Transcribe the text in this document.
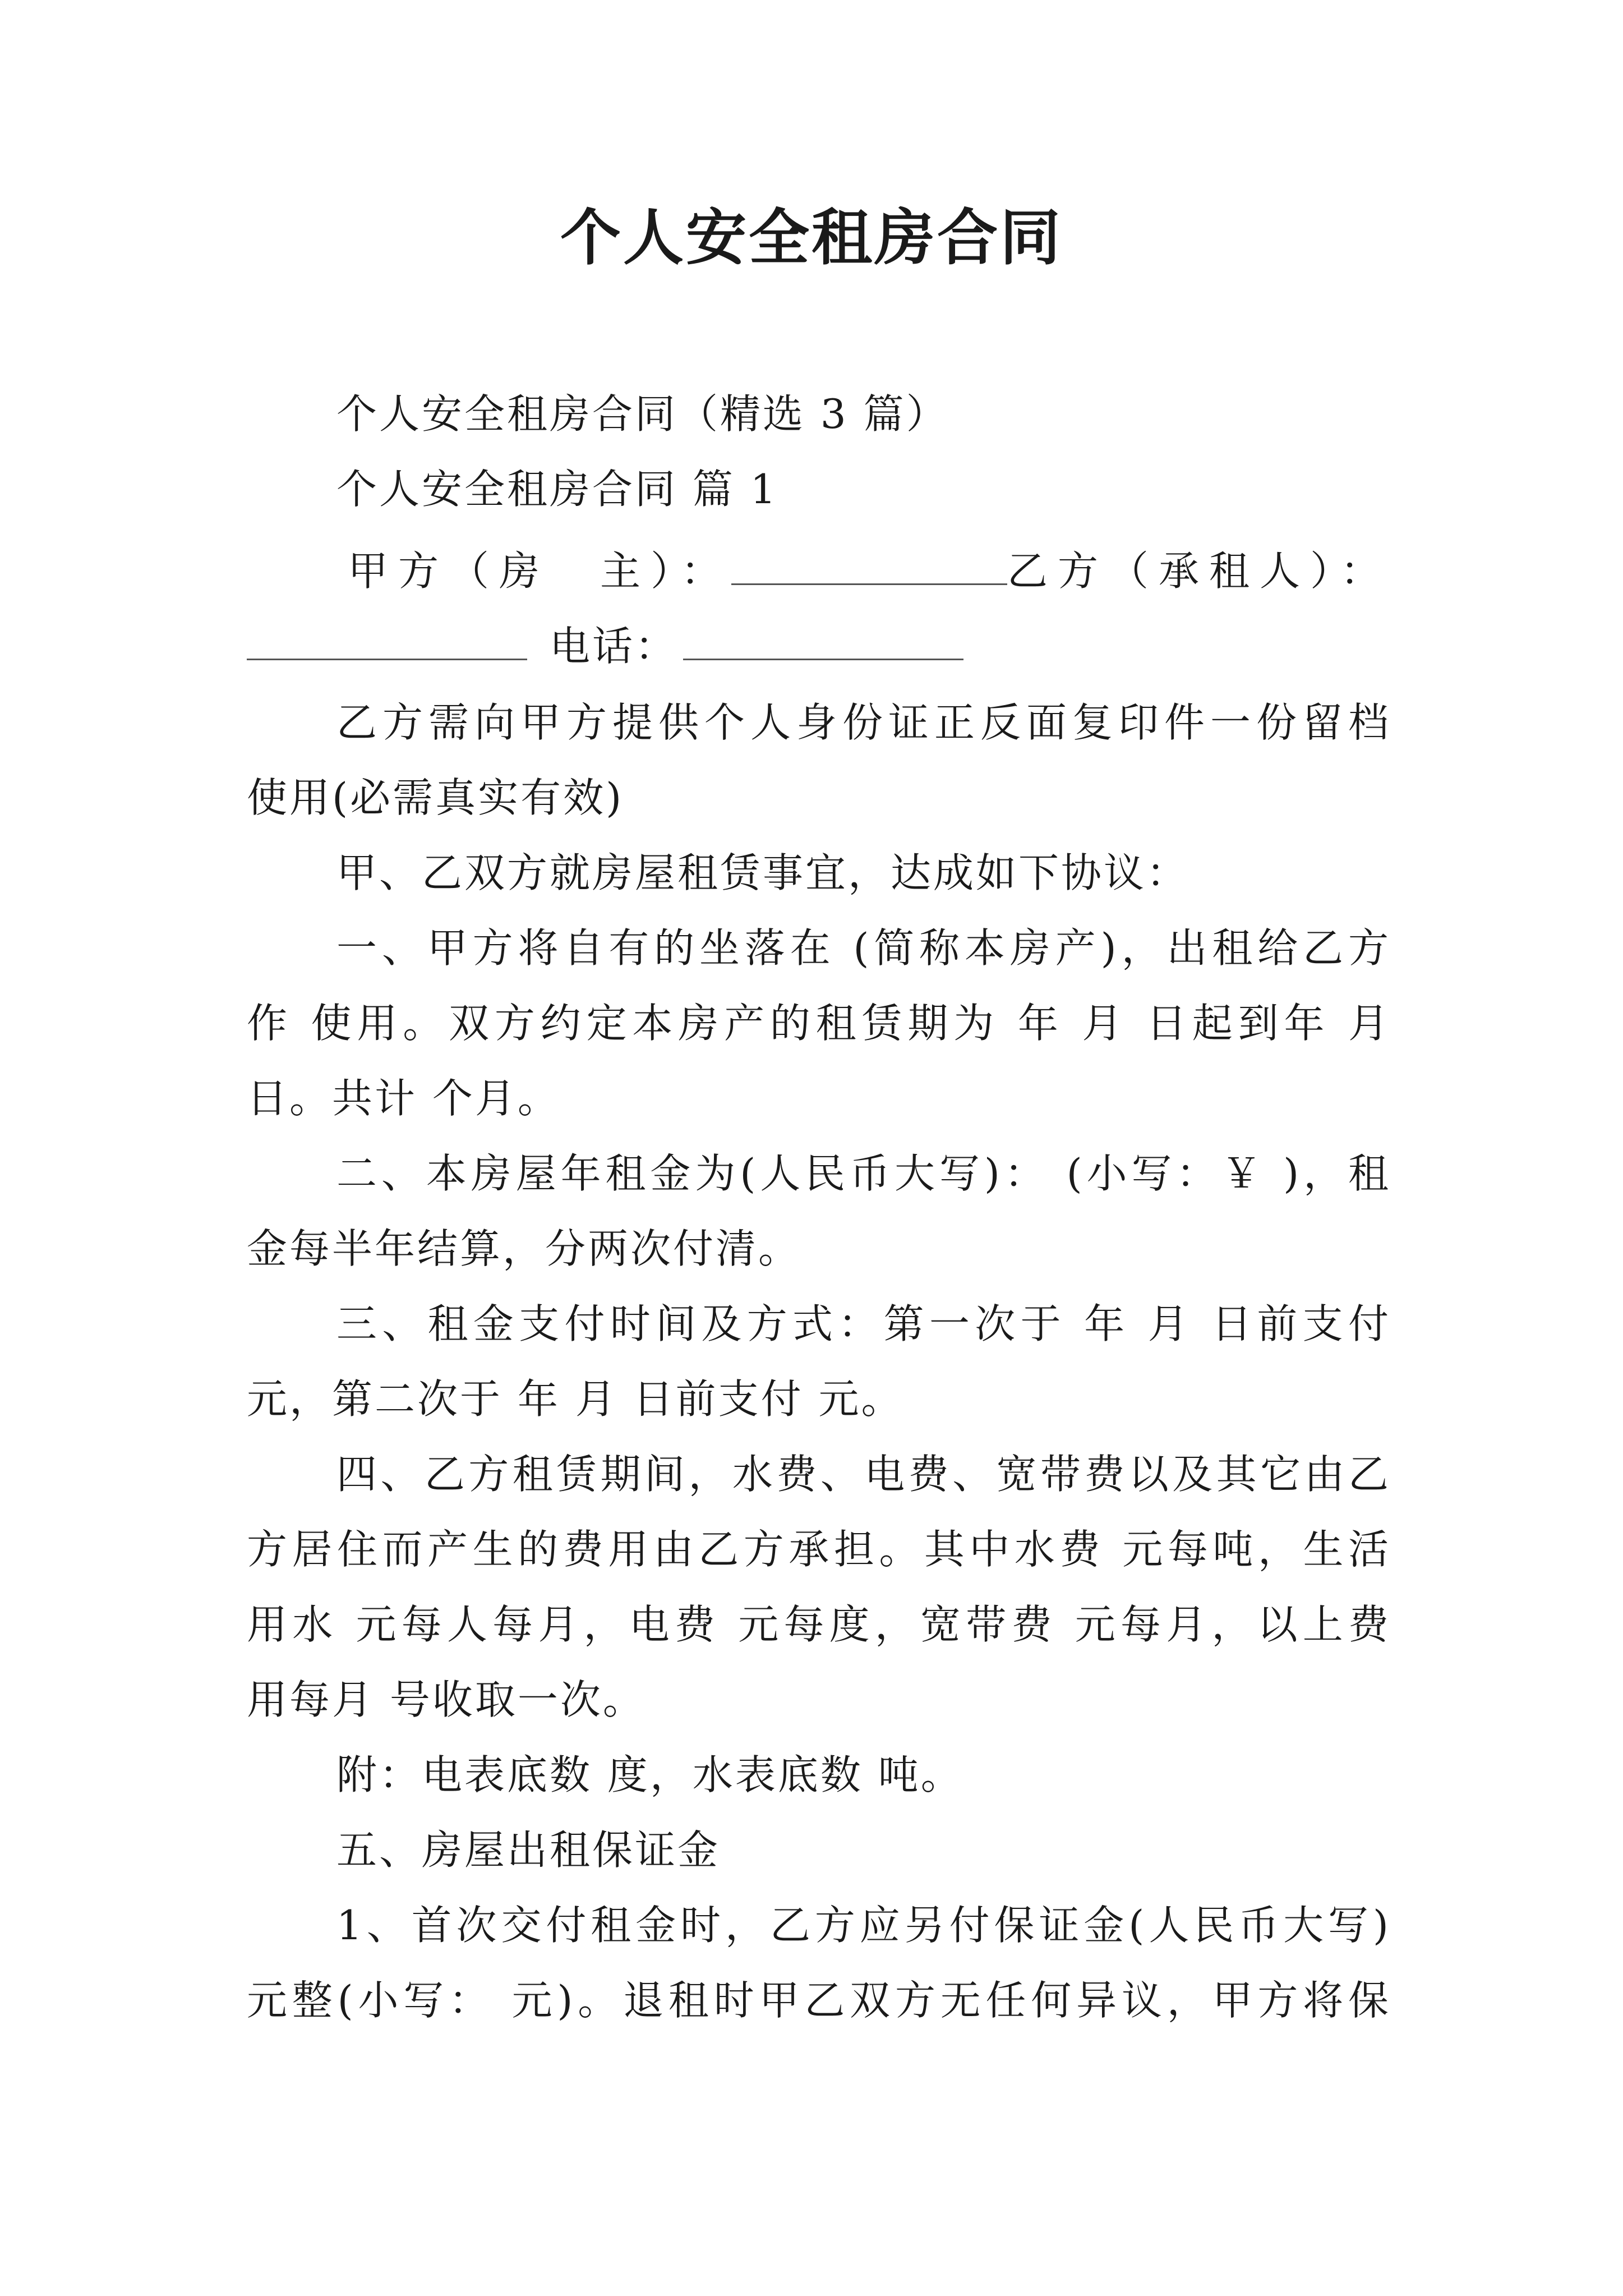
个人安全租房合同
个人安全租房合同（精选 3 篇）
个人安全租房合同 篇 1
甲方（房　主）：	乙方（承租人）：
电话：
乙方需向甲方提供个人身份证正反面复印件一份留档
使用(必需真实有效)
甲、乙双方就房屋租赁事宜，达成如下协议：
一、甲方将自有的坐落在 (简称本房产)，出租给乙方
作 使用。双方约定本房产的租赁期为 年 月 日起到年 月
日。共计 个月。
二、本房屋年租金为(人民币大写)： (小写：￥ )，租
金每半年结算，分两次付清。
三、租金支付时间及方式：第一次于 年 月 日前支付
元，第二次于 年 月 日前支付 元。
四、乙方租赁期间，水费、电费、宽带费以及其它由乙
方居住而产生的费用由乙方承担。其中水费 元每吨，生活
用水 元每人每月，电费 元每度，宽带费 元每月，以上费
用每月 号收取一次。
附：电表底数 度，水表底数 吨。
五、房屋出租保证金
1、首次交付租金时，乙方应另付保证金(人民币大写)
元整(小写： 元)。退租时甲乙双方无任何异议，甲方将保
